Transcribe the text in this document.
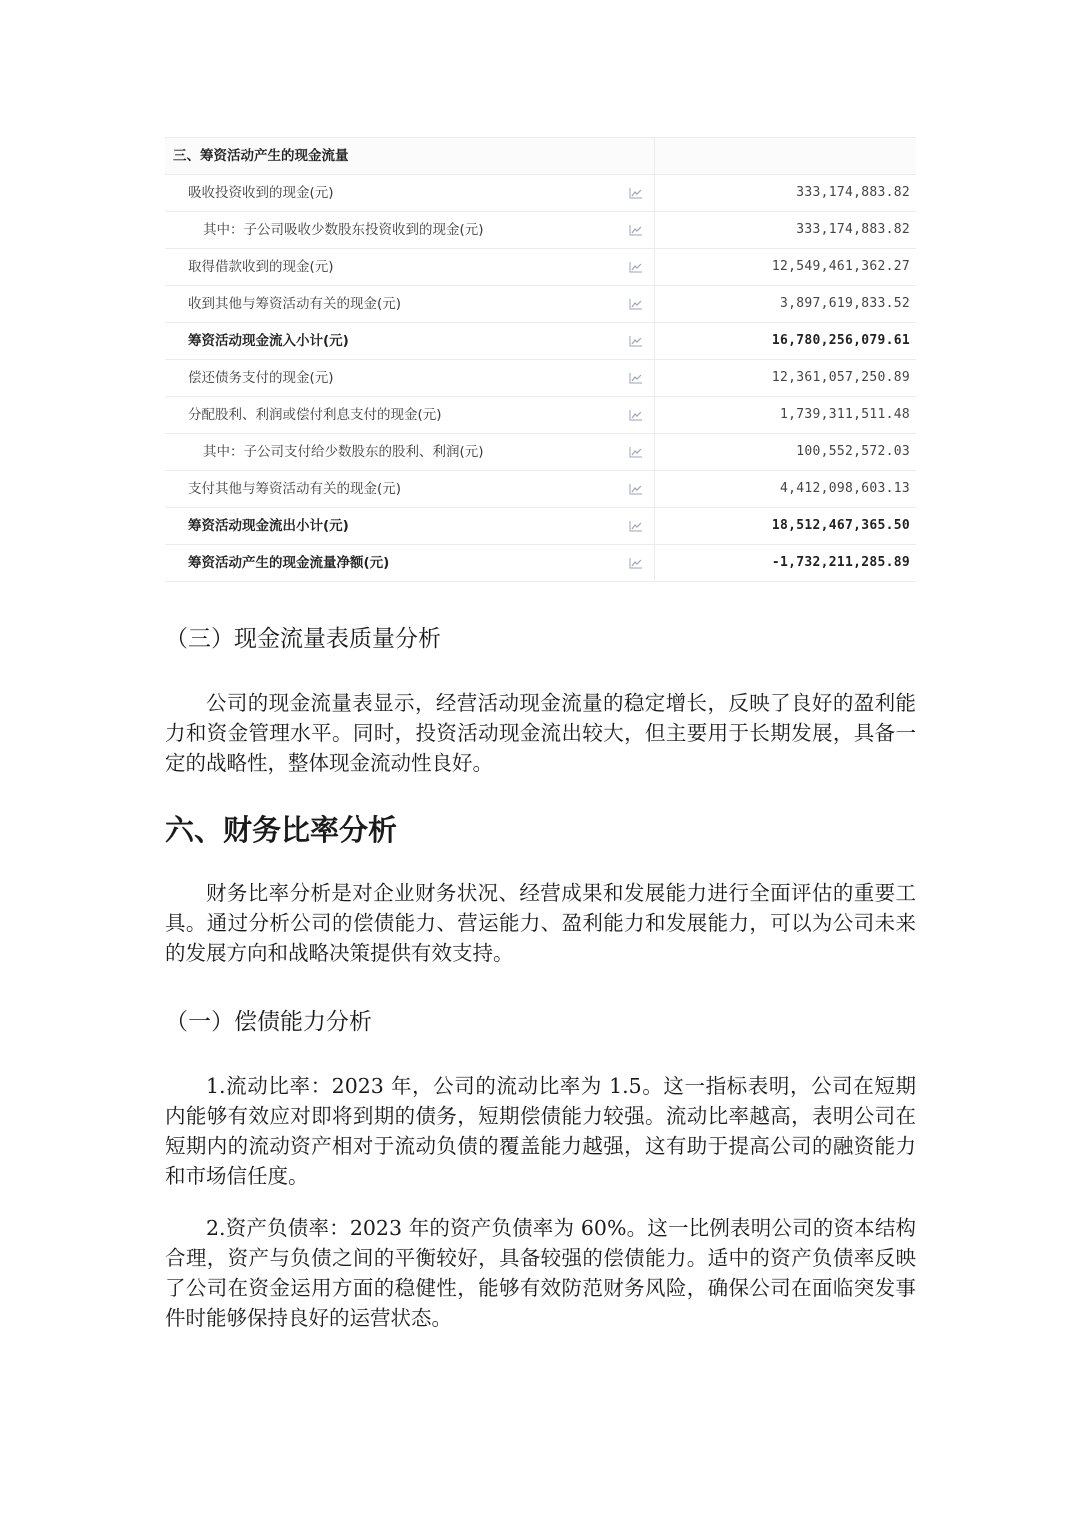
三、筹资活动产生的现金流量
吸收投资收到的现金(元)	333,174,883.82
其中：子公司吸收少数股东投资收到的现金(元)	333,174,883.82
取得借款收到的现金(元)	12,549,461,362.27
收到其他与筹资活动有关的现金(元)	3,897,619,833.52
筹资活动现金流入小计(元)	16,780,256,079.61
偿还债务支付的现金(元)	12,361,057,250.89
分配股利、利润或偿付利息支付的现金(元)	1,739,311,511.48
其中：子公司支付给少数股东的股利、利润(元)	100,552,572.03
支付其他与筹资活动有关的现金(元)	4,412,098,603.13
筹资活动现金流出小计(元)	18,512,467,365.50
筹资活动产生的现金流量净额(元)	-1,732,211,285.89
（三）现金流量表质量分析
公司的现金流量表显示，经营活动现金流量的稳定增长，反映了良好的盈利能力和资金管理水平。同时，投资活动现金流出较大，但主要用于长期发展，具备一定的战略性，整体现金流动性良好。
六、财务比率分析
财务比率分析是对企业财务状况、经营成果和发展能力进行全面评估的重要工具。通过分析公司的偿债能力、营运能力、盈利能力和发展能力，可以为公司未来的发展方向和战略决策提供有效支持。
（一）偿债能力分析
1.流动比率：2023 年，公司的流动比率为 1.5。这一指标表明，公司在短期内能够有效应对即将到期的债务，短期偿债能力较强。流动比率越高，表明公司在短期内的流动资产相对于流动负债的覆盖能力越强，这有助于提高公司的融资能力和市场信任度。
2.资产负债率：2023 年的资产负债率为 60%。这一比例表明公司的资本结构合理，资产与负债之间的平衡较好，具备较强的偿债能力。适中的资产负债率反映了公司在资金运用方面的稳健性，能够有效防范财务风险，确保公司在面临突发事件时能够保持良好的运营状态。
